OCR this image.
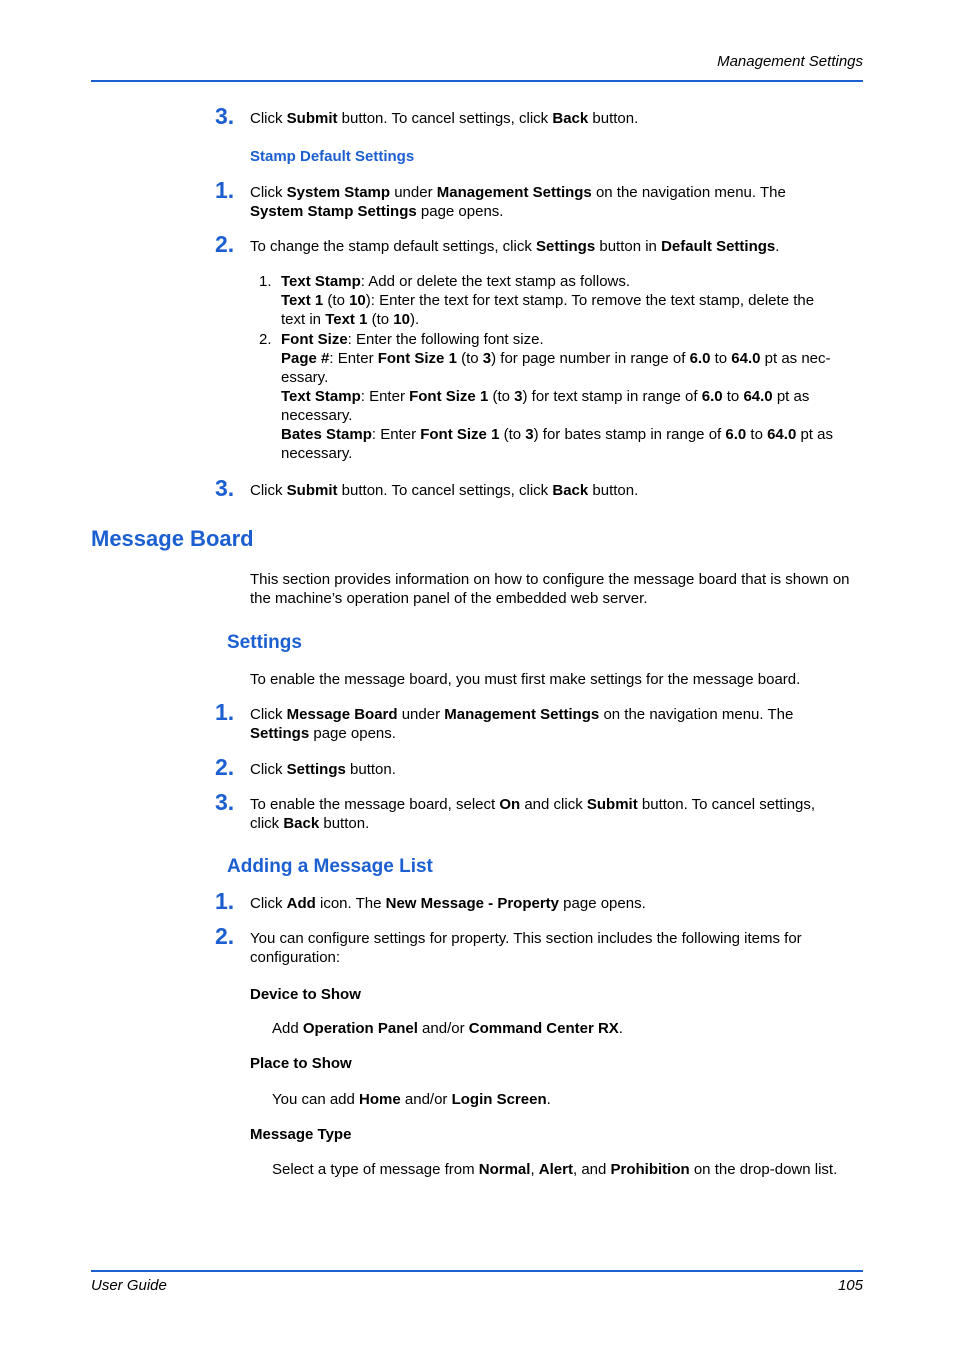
Management Settings
3. Click Submit button. To cancel settings, click Back button.
Stamp Default Settings
1. Click System Stamp under Management Settings on the navigation menu. The
System Stamp Settings page opens.
2. To change the stamp default settings, click Settings button in Default Settings.
1. Text Stamp: Add or delete the text stamp as follows.
Text 1 (to 10): Enter the text for text stamp. To remove the text stamp, delete the
text in Text 1 (to 10).
2. Font Size: Enter the following font size.
Page #: Enter Font Size 1 (to 3) for page number in range of 6.0 to 64.0 pt as nec-
essary.
Text Stamp: Enter Font Size 1 (to 3) for text stamp in range of 6.0 to 64.0 pt as
necessary.
Bates Stamp: Enter Font Size 1 (to 3) for bates stamp in range of 6.0 to 64.0 pt as
necessary.
3. Click Submit button. To cancel settings, click Back button.
Message Board
This section provides information on how to configure the message board that is shown on the machine’s operation panel of the embedded web server.
Settings
To enable the message board, you must first make settings for the message board.
1. Click Message Board under Management Settings on the navigation menu. The
Settings page opens.
2. Click Settings button.
3. To enable the message board, select On and click Submit button. To cancel settings,
click Back button.
Adding a Message List
1. Click Add icon. The New Message - Property page opens.
2. You can configure settings for property. This section includes the following items for configuration:
Device to Show
Add Operation Panel and/or Command Center RX.
Place to Show
You can add Home and/or Login Screen.
Message Type
Select a type of message from Normal, Alert, and Prohibition on the drop-down list.
User Guide	105
